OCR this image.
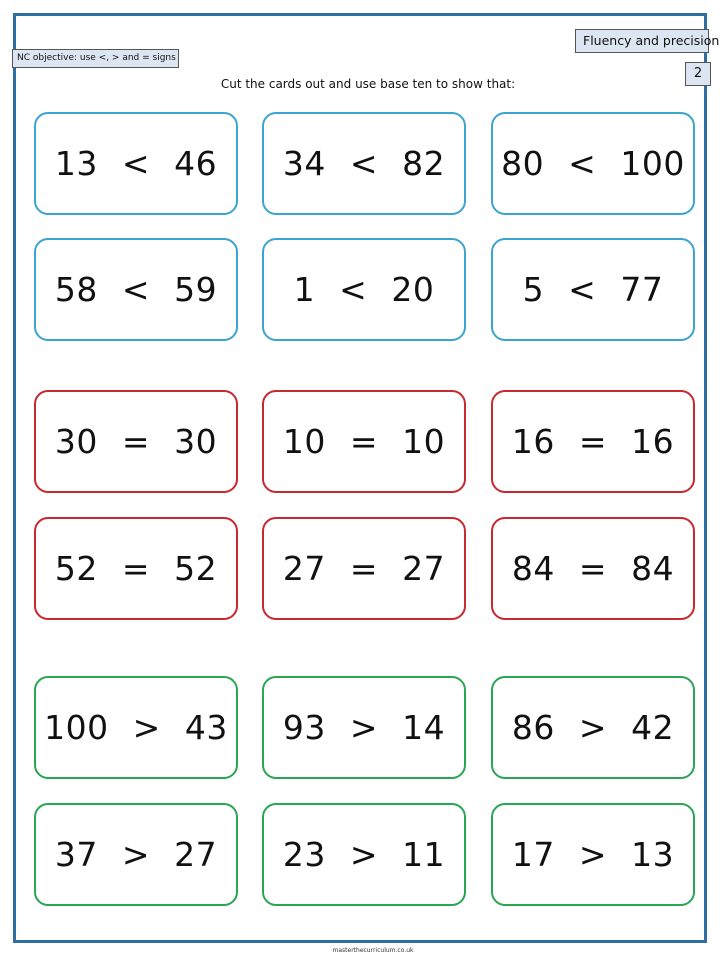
Fluency and precision
2
NC objective: use <, > and = signs
Cut the cards out and use base ten to show that:
13 < 46 34 < 82 80 < 100
58 < 59 1 < 20	5 < 77
30 = 30 10 = 10 16 = 16
52 = 52 27 = 27 84 = 84
100 > 43 93 > 14 86 > 42
37 > 27 23 > 11 17 > 13
masterthecurriculum.co.uk
